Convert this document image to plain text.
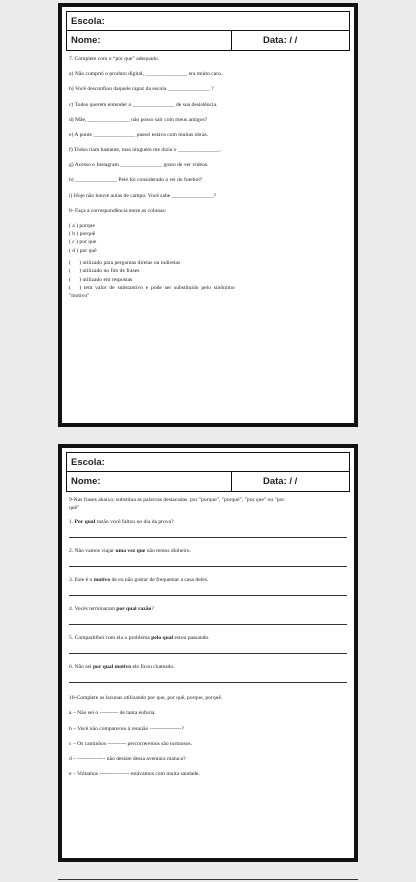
Escola:
Nome:	Data: / /
7. Complete com o “por que” adequado.
a) Não comprei o produto digital, _______________ era muito caro.
b) Você desconfiou daquele rapaz da escola _______________ ?
c) Todos querem entender o _______________ de sua desistência.
d) Mãe, _______________ não posso sair com meus amigos?
e) A ponte _______________ passei estava com muitas obras.
f) Todos riam bastante, mas ninguém me dizia o _______________.
g) Acesso o Instagram _______________ gosto de ver vídeos.
h) _______________ Pelé foi considerado o rei do futebol?
i) Hoje não houve aulas de campo. Você sabe _______________?
8- Faça a correspondência entre as colunas:
( a ) porque
( b ) porquê
( c ) por que
( d ) por quê
(      ) utilizado para perguntas diretas ou indiretas
(      ) utilizado no fim de frases
(      ) utilizado em respostas
(      )  tem  valor  de  substantivo  e  pode  ser  substituído  pelo  sinônimo
"motivo"
Escola:
Nome:	Data: / /
9-Nas frases abaixo, substitua as palavras destacadas  por "porque", "porquê", "por que" ou "por
quê"
1. Por qual razão você faltou no dia da prova?
2. Não vamos viajar uma vez que não temos dinheiro.
3. Este é o motivo de eu não gostar de frequentar a casa deles.
4. Vocês terminaram por qual razão?
5. Compartilhei com ela o problema pelo qual estou passando.
6. Não sei por qual motivo ele ficou chateado.
10-Complete as lacunas utilizando por que, por quê, porque, porquê.
a – Não sei o ---------- de tanta euforia.
b – Você não compareceu à reunião -----------------?
c – Os caminhos ---------- percorreremos são tortuosos.
d – --------------- não desiste dessa aventura maluca?
e – Voltamos ---------------- estávamos com muita saudade.
